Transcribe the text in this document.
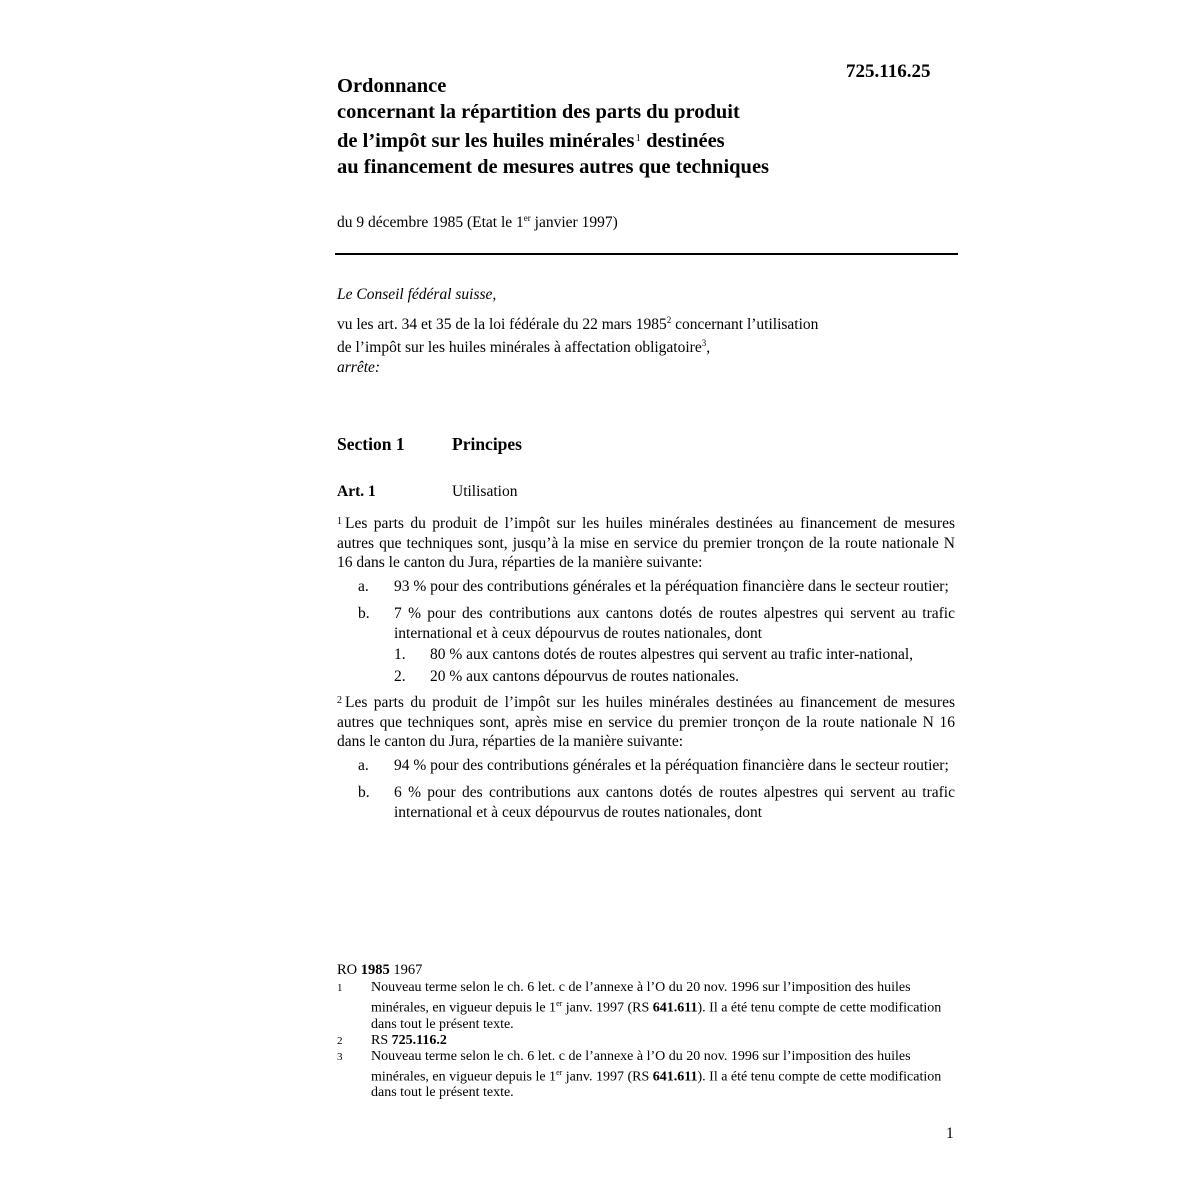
725.116.25
Ordonnance
concernant la répartition des parts du produit
de l’impôt sur les huiles minérales$^1$ destinées
au financement de mesures autres que techniques
du 9 décembre 1985 (Etat le 1er janvier 1997)

Le Conseil fédéral suisse,

vu les art. 34 et 35 de la loi fédérale du 22 mars 1985$^2$ concernant l’utilisation

de l’impôt sur les huiles minérales à affectation obligatoire$^3$,

arrête:

Section 1	Principes
Art. 1	Utilisation

$^1$ Les parts du produit de l’impôt sur les huiles minérales destinées au financement de mesures autres que techniques sont, jusqu’à la mise en service du premier tronçon de la route nationale N 16 dans le canton du Jura, réparties de la manière suivante:

a. 93 % pour des contributions générales et la péréquation financière dans le secteur routier;
b. 7 % pour des contributions aux cantons dotés de routes alpestres qui servent au trafic international et à ceux dépourvus de routes nationales, dont
1. 80 % aux cantons dotés de routes alpestres qui servent au trafic inter-national,
2. 20 % aux cantons dépourvus de routes nationales.

$^2$ Les parts du produit de l’impôt sur les huiles minérales destinées au financement de mesures autres que techniques sont, après mise en service du premier tronçon de la route nationale N 16 dans le canton du Jura, réparties de la manière suivante:

a. 94 % pour des contributions générales et la péréquation financière dans le secteur routier;
b. 6 % pour des contributions aux cantons dotés de routes alpestres qui servent au trafic international et à ceux dépourvus de routes nationales, dont
RO 1985 1967
1 Nouveau terme selon le ch. 6 let. c de l’annexe à l’O du 20 nov. 1996 sur l’imposition des huiles minérales, en vigueur depuis le 1er janv. 1997 (RS 641.611). Il a été tenu compte de cette modification dans tout le présent texte.
2 RS 725.116.2
3 Nouveau terme selon le ch. 6 let. c de l’annexe à l’O du 20 nov. 1996 sur l’imposition des huiles minérales, en vigueur depuis le 1er janv. 1997 (RS 641.611). Il a été tenu compte de cette modification dans tout le présent texte.
1
